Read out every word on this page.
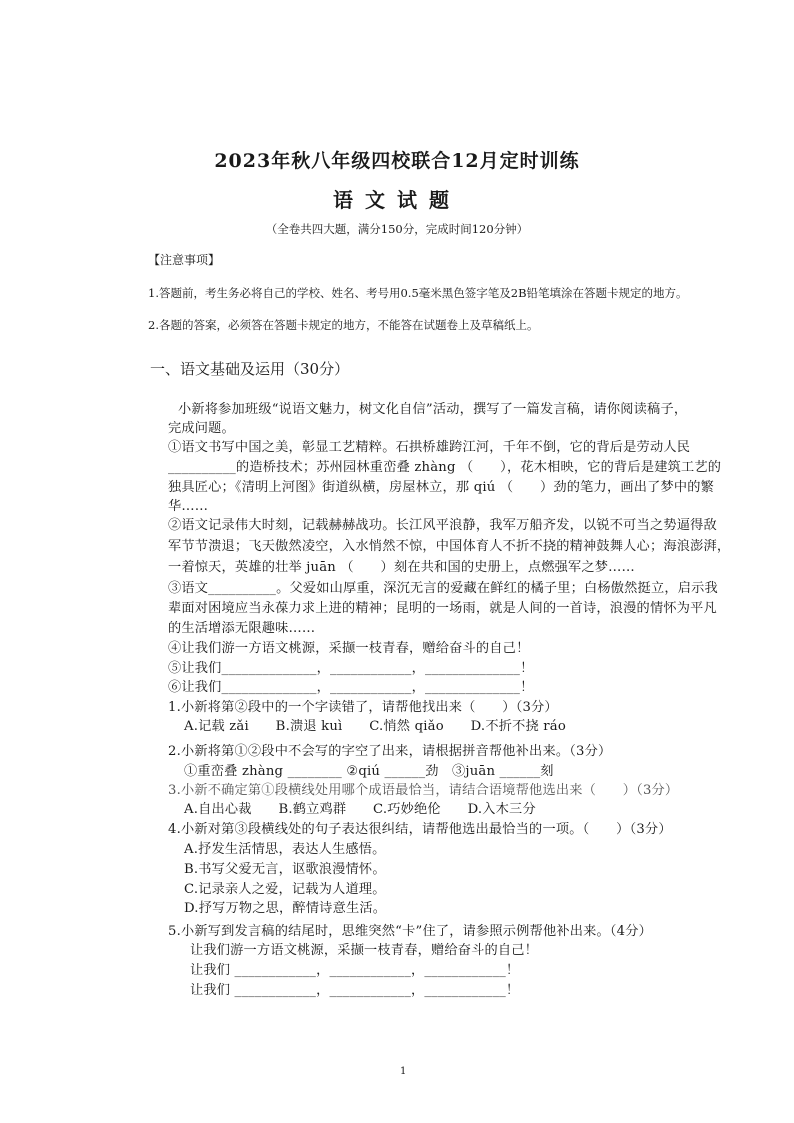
2023年秋八年级四校联合12月定时训练
语文试题
（全卷共四大题，满分150分，完成时间120分钟）
【注意事项】
1.答题前，考生务必将自己的学校、姓名、考号用0.5毫米黑色签字笔及2B铅笔填涂在答题卡规定的地方。
2.各题的答案，必须答在答题卡规定的地方，不能答在试题卷上及草稿纸上。
一、语文基础及运用（30分）
小新将参加班级“说语文魅力，树文化自信”活动，撰写了一篇发言稿，请你阅读稿子，
完成问题。
①语文书写中国之美，彰显工艺精粹。石拱桥雄跨江河，千年不倒，它的背后是劳动人民
__________的造桥技术；苏州园林重峦叠 zhàng （　　），花木相映，它的背后是建筑工艺的
独具匠心；《清明上河图》街道纵横，房屋林立，那 qiú （　　）劲的笔力，画出了梦中的繁
华……
②语文记录伟大时刻，记载赫赫战功。长江风平浪静，我军万船齐发，以锐不可当之势逼得敌
军节节溃退；飞天傲然凌空，入水悄然不惊，中国体育人不折不挠的精神鼓舞人心；海浪澎湃，
一着惊天，英雄的壮举 juān （　　）刻在共和国的史册上，点燃强军之梦……
③语文__________。父爱如山厚重，深沉无言的爱藏在鲜红的橘子里；白杨傲然挺立，启示我
辈面对困境应当永葆力求上进的精神；昆明的一场雨，就是人间的一首诗，浪漫的情怀为平凡
的生活增添无限趣味……
④让我们游一方语文桃源，采撷一枝青春，赠给奋斗的自己！
⑤让我们______________，____________，______________！
⑥让我们______________，____________，______________！
1.小新将第②段中的一个字读错了，请帮他找出来（　　）（3分）
A.记载 zǎi　　B.溃退 kuì　　C.悄然 qiǎo　　D.不折不挠 ráo
2.小新将第①②段中不会写的字空了出来，请根据拼音帮他补出来。（3分）
①重峦叠 zhàng ________ ②qiú ______劲　③juān ______刻
3.小新不确定第①段横线处用哪个成语最恰当，请结合语境帮他选出来（　　）（3分）
A.自出心裁　　B.鹤立鸡群　　C.巧妙绝伦　　D.入木三分
4.小新对第③段横线处的句子表达很纠结，请帮他选出最恰当的一项。（　　）（3分）
A.抒发生活情思，表达人生感悟。
B.书写父爱无言，讴歌浪漫情怀。
C.记录亲人之爱，记载为人道理。
D.抒写万物之思，醉情诗意生活。
5.小新写到发言稿的结尾时，思维突然“卡”住了，请参照示例帮他补出来。（4分）
让我们游一方语文桃源，采撷一枝青春，赠给奋斗的自己！
让我们 ____________，____________，____________！
让我们 ____________，____________，____________！
1
